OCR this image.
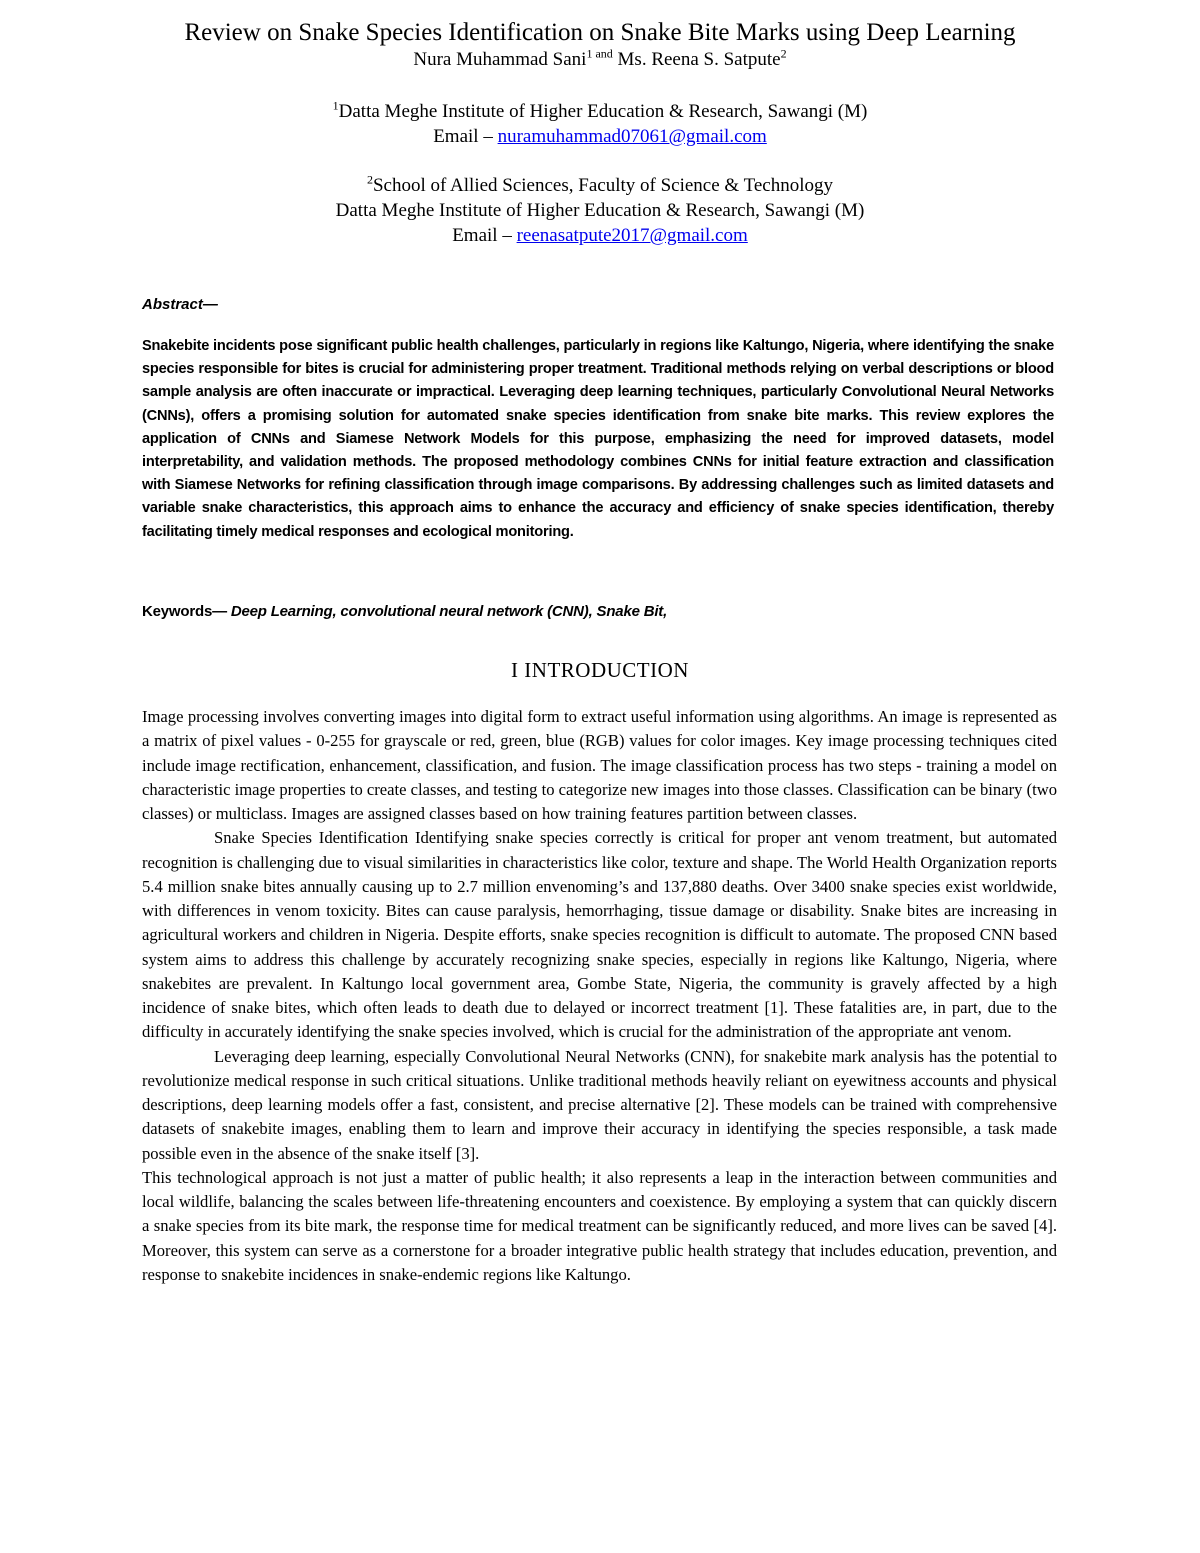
Review on Snake Species Identification on Snake Bite Marks using Deep Learning

Nura Muhammad Sani$^{1 and}$ Ms. Reena S. Satpute$^2$

$^1$Datta Meghe Institute of Higher Education & Research, Sawangi (M)
Email – nuramuhammad07061@gmail.com
$^2$School of Allied Sciences, Faculty of Science & Technology
Datta Meghe Institute of Higher Education & Research, Sawangi (M)
Email – reenasatpute2017@gmail.com

Abstract—

Snakebite incidents pose significant public health challenges, particularly in regions like Kaltungo, Nigeria, where identifying the snake species responsible for bites is crucial for administering proper treatment. Traditional methods relying on verbal descriptions or blood sample analysis are often inaccurate or impractical. Leveraging deep learning techniques, particularly Convolutional Neural Networks (CNNs), offers a promising solution for automated snake species identification from snake bite marks. This review explores the application of CNNs and Siamese Network Models for this purpose, emphasizing the need for improved datasets, model interpretability, and validation methods. The proposed methodology combines CNNs for initial feature extraction and classification with Siamese Networks for refining classification through image comparisons. By addressing challenges such as limited datasets and variable snake characteristics, this approach aims to enhance the accuracy and efficiency of snake species identification, thereby facilitating timely medical responses and ecological monitoring.

Keywords— Deep Learning, convolutional neural network (CNN), Snake Bit,

I INTRODUCTION

Image processing involves converting images into digital form to extract useful information using algorithms. An image is represented as a matrix of pixel values - 0-255 for grayscale or red, green, blue (RGB) values for color images. Key image processing techniques cited include image rectification, enhancement, classification, and fusion. The image classification process has two steps - training a model on characteristic image properties to create classes, and testing to categorize new images into those classes. Classification can be binary (two classes) or multiclass. Images are assigned classes based on how training features partition between classes.

Snake Species Identification Identifying snake species correctly is critical for proper ant venom treatment, but automated recognition is challenging due to visual similarities in characteristics like color, texture and shape. The World Health Organization reports 5.4 million snake bites annually causing up to 2.7 million envenoming’s and 137,880 deaths. Over 3400 snake species exist worldwide, with differences in venom toxicity. Bites can cause paralysis, hemorrhaging, tissue damage or disability. Snake bites are increasing in agricultural workers and children in Nigeria. Despite efforts, snake species recognition is difficult to automate. The proposed CNN based system aims to address this challenge by accurately recognizing snake species, especially in regions like Kaltungo, Nigeria, where snakebites are prevalent. In Kaltungo local government area, Gombe State, Nigeria, the community is gravely affected by a high incidence of snake bites, which often leads to death due to delayed or incorrect treatment [1]. These fatalities are, in part, due to the difficulty in accurately identifying the snake species involved, which is crucial for the administration of the appropriate ant venom.

Leveraging deep learning, especially Convolutional Neural Networks (CNN), for snakebite mark analysis has the potential to revolutionize medical response in such critical situations. Unlike traditional methods heavily reliant on eyewitness accounts and physical descriptions, deep learning models offer a fast, consistent, and precise alternative [2]. These models can be trained with comprehensive datasets of snakebite images, enabling them to learn and improve their accuracy in identifying the species responsible, a task made possible even in the absence of the snake itself [3].

This technological approach is not just a matter of public health; it also represents a leap in the interaction between communities and local wildlife, balancing the scales between life-threatening encounters and coexistence. By employing a system that can quickly discern a snake species from its bite mark, the response time for medical treatment can be significantly reduced, and more lives can be saved [4]. Moreover, this system can serve as a cornerstone for a broader integrative public health strategy that includes education, prevention, and response to snakebite incidences in snake-endemic regions like Kaltungo.
